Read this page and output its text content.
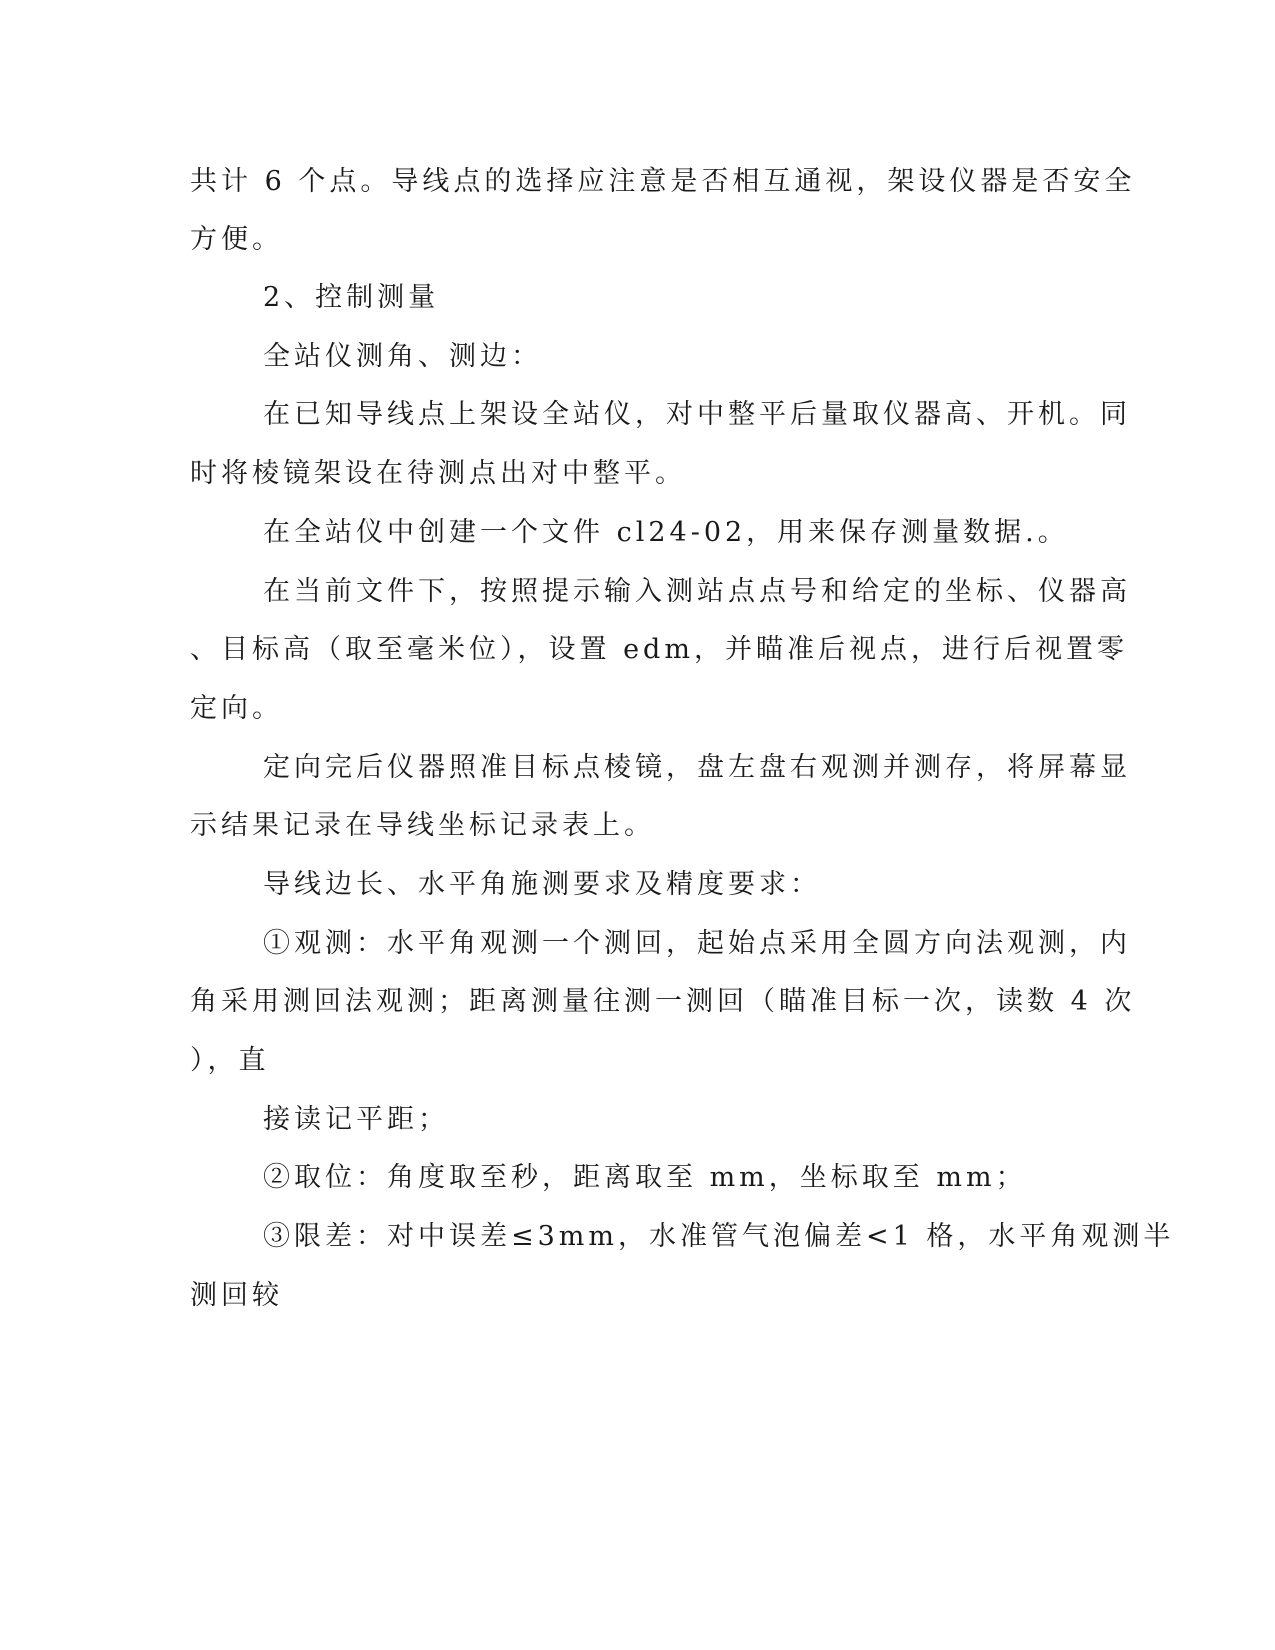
共计 6 个点。导线点的选择应注意是否相互通视，架设仪器是否安全
方便。
2、控制测量
全站仪测角、测边：
在已知导线点上架设全站仪，对中整平后量取仪器高、开机。同
时将棱镜架设在待测点出对中整平。
在全站仪中创建一个文件 cl24-02，用来保存测量数据.。
在当前文件下，按照提示输入测站点点号和给定的坐标、仪器高
、目标高（取至毫米位），设置 edm，并瞄准后视点，进行后视置零
定向。
定向完后仪器照准目标点棱镜，盘左盘右观测并测存，将屏幕显
示结果记录在导线坐标记录表上。
导线边长、水平角施测要求及精度要求：
①观测：水平角观测一个测回，起始点采用全圆方向法观测，内
角采用测回法观测；距离测量往测一测回（瞄准目标一次，读数 4 次
），直
接读记平距；
②取位：角度取至秒，距离取至 mm，坐标取至 mm；
③限差：对中误差≤3mm，水准管气泡偏差<1 格，水平角观测半
测回较
